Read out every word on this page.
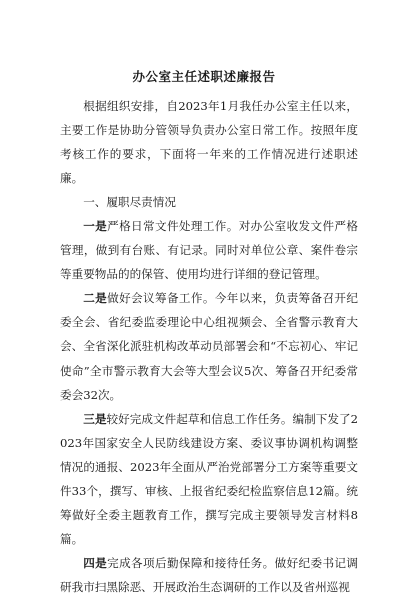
办公室主任述职述廉报告

根据组织安排，自2023年1月我任办公室主任以来，主要工作是协助分管领导负责办公室日常工作。按照年度考核工作的要求，下面将一年来的工作情况进行述职述廉。

一、履职尽责情况

一是严格日常文件处理工作。对办公室收发文件严格管理，做到有台账、有记录。同时对单位公章、案件卷宗等重要物品的的保管、使用均进行详细的登记管理。

二是做好会议筹备工作。今年以来，负责筹备召开纪委全会、省纪委监委理论中心组视频会、全省警示教育大会、全省深化派驻机构改革动员部署会和“不忘初心、牢记使命”全市警示教育大会等大型会议5次、筹备召开纪委常委会32次。

三是较好完成文件起草和信息工作任务。编制下发了2023年国家安全人民防线建设方案、委议事协调机构调整情况的通报、2023年全面从严治党部署分工方案等重要文件33个，撰写、审核、上报省纪委纪检监察信息12篇。统筹做好全委主题教育工作，撰写完成主要领导发言材料8篇。

四是完成各项后勤保障和接待任务。做好纪委书记调研我市扫黑除恶、开展政治生态调研的工作以及省州巡视
